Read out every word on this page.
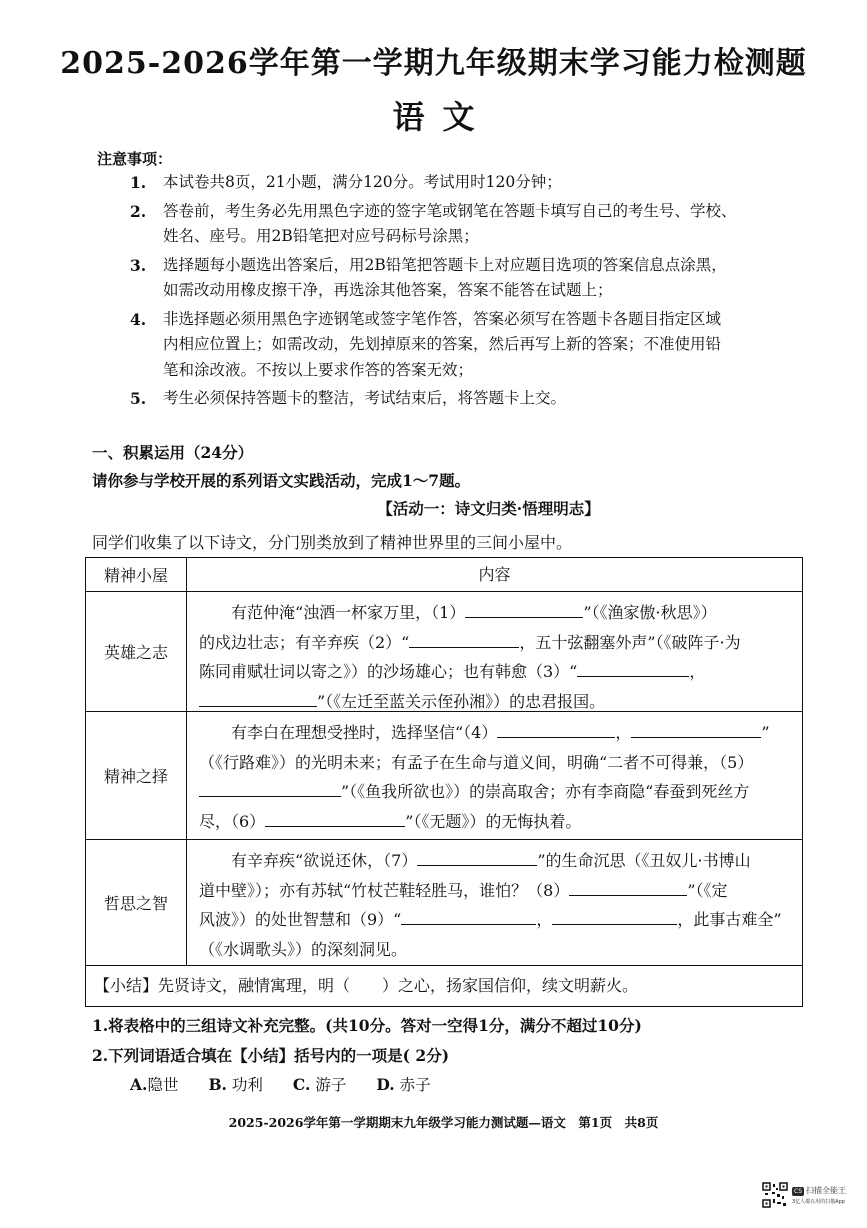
2025-2026学年第一学期九年级期末学习能力检测题
语文
注意事项：
1. 本试卷共8页，21小题，满分120分。考试用时120分钟；
2. 答卷前，考生务必先用黑色字迹的签字笔或钢笔在答题卡填写自己的考生号、学校、
姓名、座号。用2B铅笔把对应号码标号涂黑；
3. 选择题每小题选出答案后，用2B铅笔把答题卡上对应题目选项的答案信息点涂黑，
如需改动用橡皮擦干净，再选涂其他答案，答案不能答在试题上；
4. 非选择题必须用黑色字迹钢笔或签字笔作答，答案必须写在答题卡各题目指定区域
内相应位置上；如需改动，先划掉原来的答案，然后再写上新的答案；不准使用铅
笔和涂改液。不按以上要求作答的答案无效；
5. 考生必须保持答题卡的整洁，考试结束后，将答题卡上交。
一、积累运用（24分）
请你参与学校开展的系列语文实践活动，完成1～7题。
【活动一：诗文归类·悟理明志】
同学们收集了以下诗文，分门别类放到了精神世界里的三间小屋中。
精神小屋	内容
英雄之志
有范仲淹“浊酒一杯家万里，（1）	”（《渔家傲·秋思》）
的戍边壮志；有辛弃疾（2）“	，五十弦翻塞外声”（《破阵子·为
陈同甫赋壮词以寄之》）的沙场雄心；也有韩愈（3）“	，
”（《左迁至蓝关示侄孙湘》）的忠君报国。
精神之择
有李白在理想受挫时，选择坚信“（4）	，	”
（《行路难》）的光明未来；有孟子在生命与道义间，明确“二者不可得兼，（5）
”（《鱼我所欲也》）的崇高取舍；亦有李商隐“春蚕到死丝方
尽，（6）	”（《无题》）的无悔执着。
哲思之智
有辛弃疾“欲说还休，（7）	”的生命沉思（《丑奴儿·书博山
道中壁》）；亦有苏轼“竹杖芒鞋轻胜马，谁怕？（8）	”（《定
风波》）的处世智慧和（9）“	，	，此事古难全”
（《水调歌头》）的深刻洞见。
【小结】先贤诗文，融情寓理，明（　　）之心，扬家国信仰，续文明薪火。
1.将表格中的三组诗文补充完整。(共10分。答对一空得1分，满分不超过10分)
2.下列词语适合填在【小结】括号内的一项是( 2分)
A.隐世 B. 功利 C. 游子 D. 赤子
2025-2026学年第一学期期末九年级学习能力测试题—语文　第1页　共8页
CS 扫描全能王
3亿人都在用的扫描App
